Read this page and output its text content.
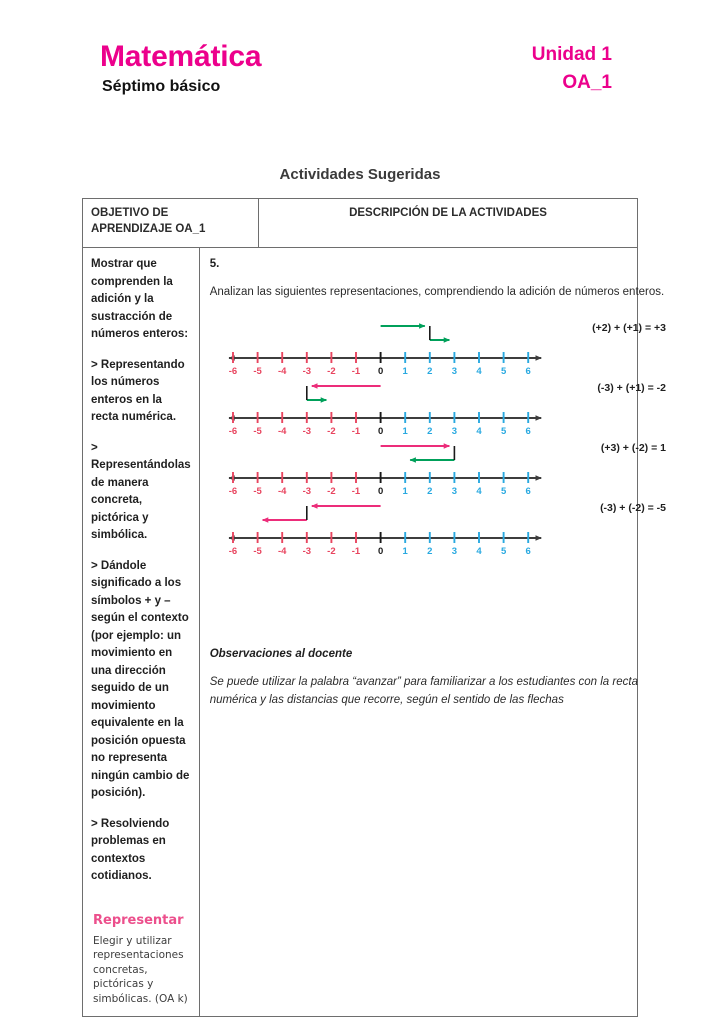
Matemática
Séptimo básico
Unidad 1
OA_1
Actividades Sugeridas
OBJETIVO DE APRENDIZAJE OA_1
DESCRIPCIÓN DE LA ACTIVIDADES

Mostrar que comprenden la adición y la sustracción de números enteros:

> Representando los números enteros en la recta numérica.

> Representándolas de manera concreta, pictórica y simbólica.

> Dándole significado a los símbolos + y – según el contexto (por ejemplo: un movimiento en una dirección seguido de un movimiento equivalente en la posición opuesta no representa ningún cambio de posición).

> Resolviendo problemas en contextos cotidianos.

Representar
Elegir y utilizar representaciones concretas, pictóricas y simbólicas. (OA k)

5.

Analizan las siguientes representaciones, comprendiendo la adición de números enteros.

-6 -5 -4 -3 -2 -1 0 1 2 3 4 5 6
(+2) + (+1) = +3
-6 -5 -4 -3 -2 -1 0 1 2 3 4 5 6
(-3) + (+1) = -2
-6 -5 -4 -3 -2 -1 0 1 2 3 4 5 6
(+3) + (-2) = 1
-6 -5 -4 -3 -2 -1 0 1 2 3 4 5 6
(-3) + (-2) = -5
Observaciones al docente
Se puede utilizar la palabra “avanzar” para familiarizar a los estudiantes con la recta numérica y las distancias que recorre, según el sentido de las flechas
